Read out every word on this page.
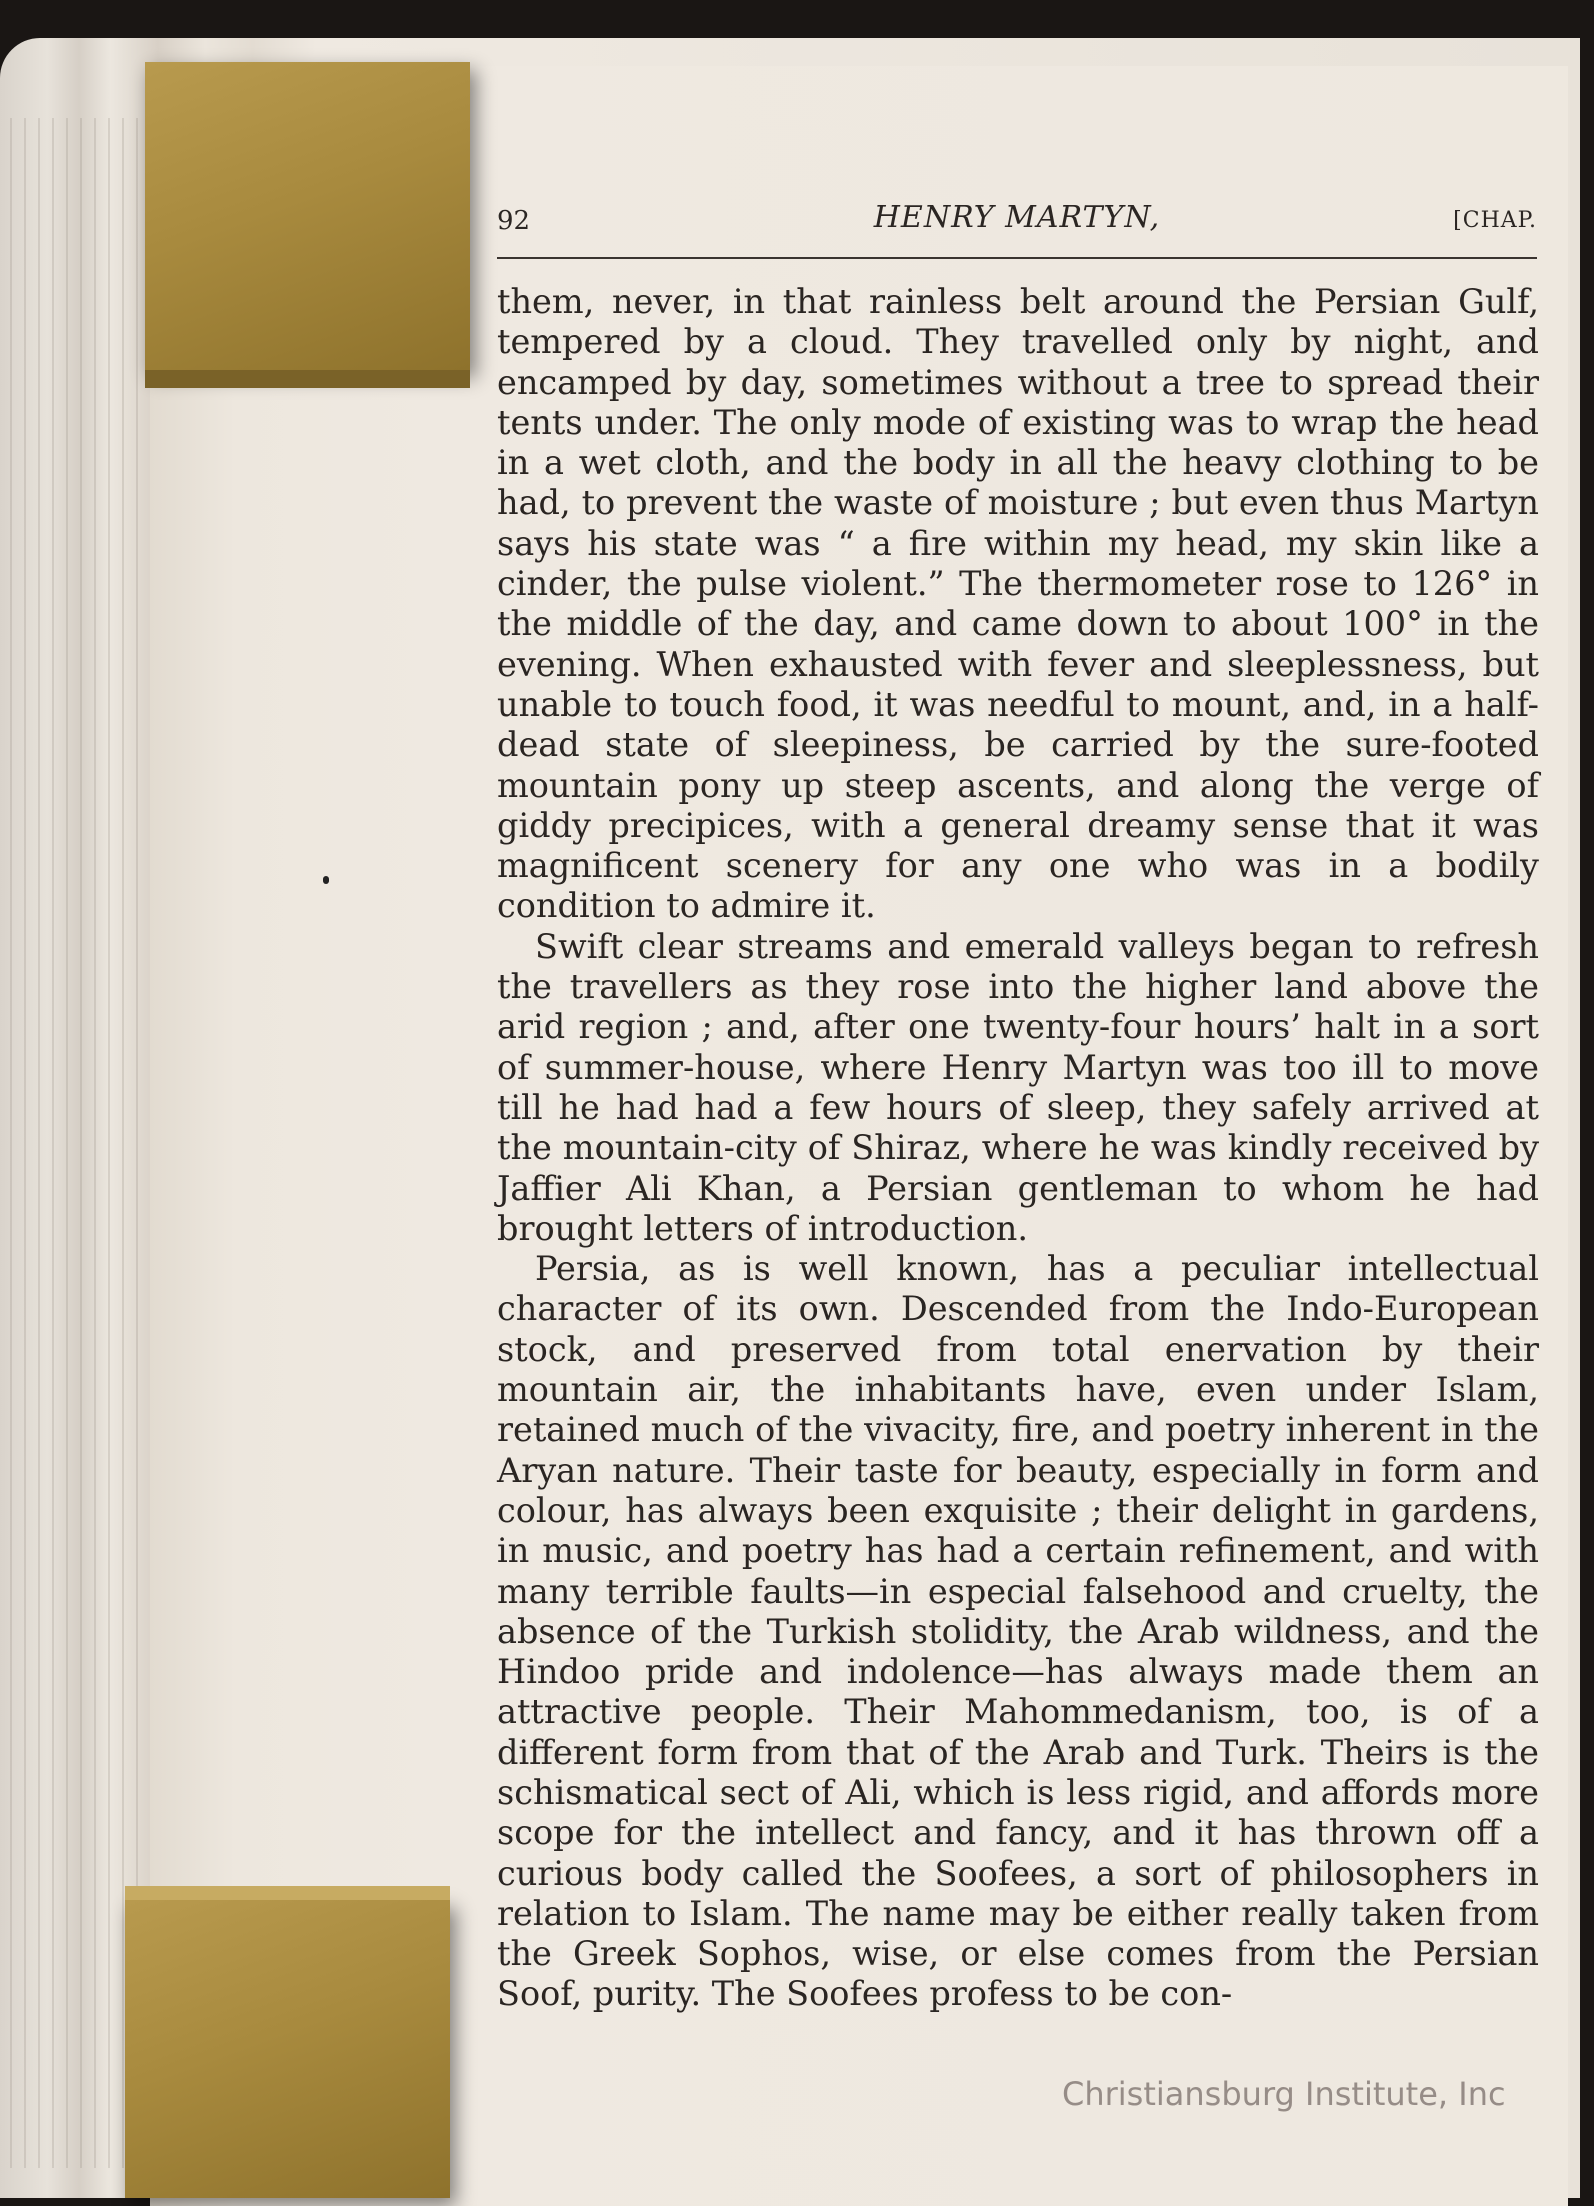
92	HENRY MARTYN,	[CHAP.

them, never, in that rainless belt around the Persian Gulf, tempered by a cloud. They travelled only by night, and encamped by day, sometimes without a tree to spread their tents under. The only mode of existing was to wrap the head in a wet cloth, and the body in all the heavy clothing to be had, to prevent the waste of moisture ; but even thus Martyn says his state was “ a fire within my head, my skin like a cinder, the pulse violent.” The thermometer rose to 126° in the middle of the day, and came down to about 100° in the evening. When exhausted with fever and sleeplessness, but unable to touch food, it was needful to mount, and, in a half-dead state of sleepiness, be carried by the sure-footed mountain pony up steep ascents, and along the verge of giddy precipices, with a general dreamy sense that it was magnificent scenery for any one who was in a bodily condition to admire it.

Swift clear streams and emerald valleys began to refresh the travellers as they rose into the higher land above the arid region ; and, after one twenty-four hours’ halt in a sort of summer-house, where Henry Martyn was too ill to move till he had had a few hours of sleep, they safely arrived at the mountain-city of Shiraz, where he was kindly received by Jaffier Ali Khan, a Persian gentleman to whom he had brought letters of introduction.

Persia, as is well known, has a peculiar intellectual character of its own. Descended from the Indo-European stock, and preserved from total enervation by their mountain air, the inhabitants have, even under Islam, retained much of the vivacity, fire, and poetry inherent in the Aryan nature. Their taste for beauty, especially in form and colour, has always been exquisite ; their delight in gardens, in music, and poetry has had a certain refinement, and with many terrible faults—in especial falsehood and cruelty, the absence of the Turkish stolidity, the Arab wildness, and the Hindoo pride and indolence—has always made them an attractive people. Their Mahommedanism, too, is of a different form from that of the Arab and Turk. Theirs is the schismatical sect of Ali, which is less rigid, and affords more scope for the intellect and fancy, and it has thrown off a curious body called the Soofees, a sort of philosophers in relation to Islam. The name may be either really taken from the Greek Sophos, wise, or else comes from the Persian Soof, purity. The Soofees profess to be con-

Christiansburg Institute, Inc
